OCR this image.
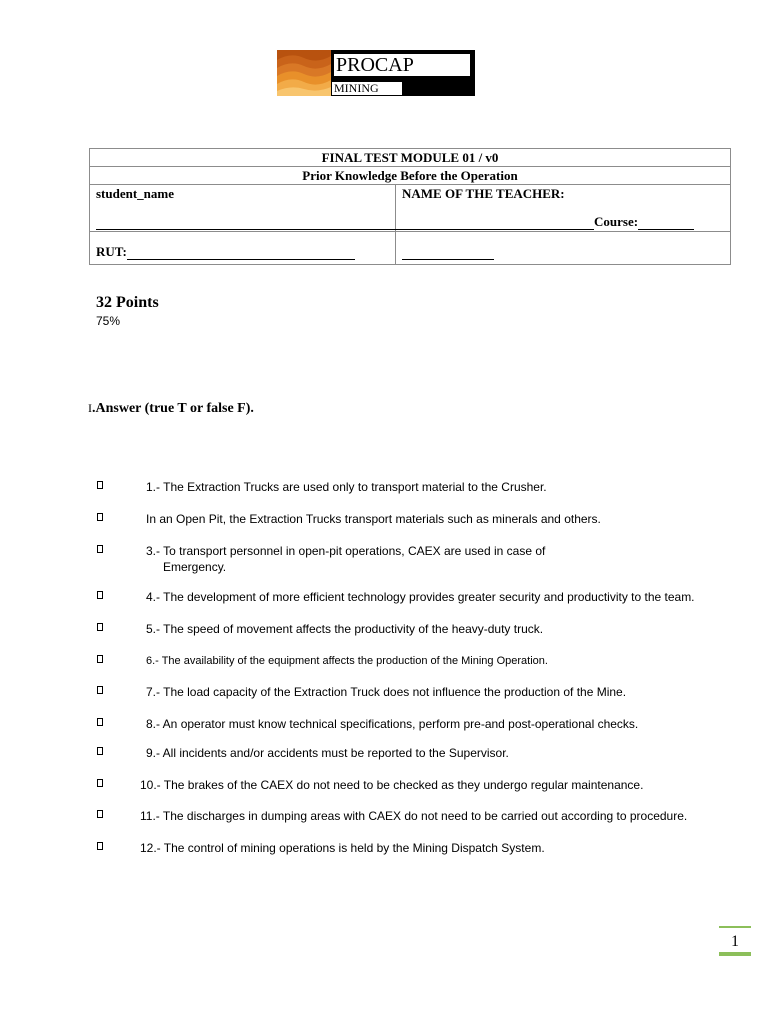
PROCAP
MINING
FINAL TEST MODULE 01 / v0	
Prior Knowledge Before the Operation	

student_name	NAME OF THE TEACHER:
Course:

RUT:	

32 Points
75%
I.Answer (true T or false F).
1.- The Extraction Trucks are used only to transport material to the Crusher.
In an Open Pit, the Extraction Trucks transport materials such as minerals and others.
3.- To transport personnel in open-pit operations, CAEX are used in case of
Emergency.
4.- The development of more efficient technology provides greater security and productivity to the team.
5.- The speed of movement affects the productivity of the heavy-duty truck.
6.- The availability of the equipment affects the production of the Mining Operation.
7.- The load capacity of the Extraction Truck does not influence the production of the Mine.
8.- An operator must know technical specifications, perform pre-and post-operational checks.
9.- All incidents and/or accidents must be reported to the Supervisor.
10.- The brakes of the CAEX do not need to be checked as they undergo regular maintenance.
11.- The discharges in dumping areas with CAEX do not need to be carried out according to procedure.
12.- The control of mining operations is held by the Mining Dispatch System.
1
